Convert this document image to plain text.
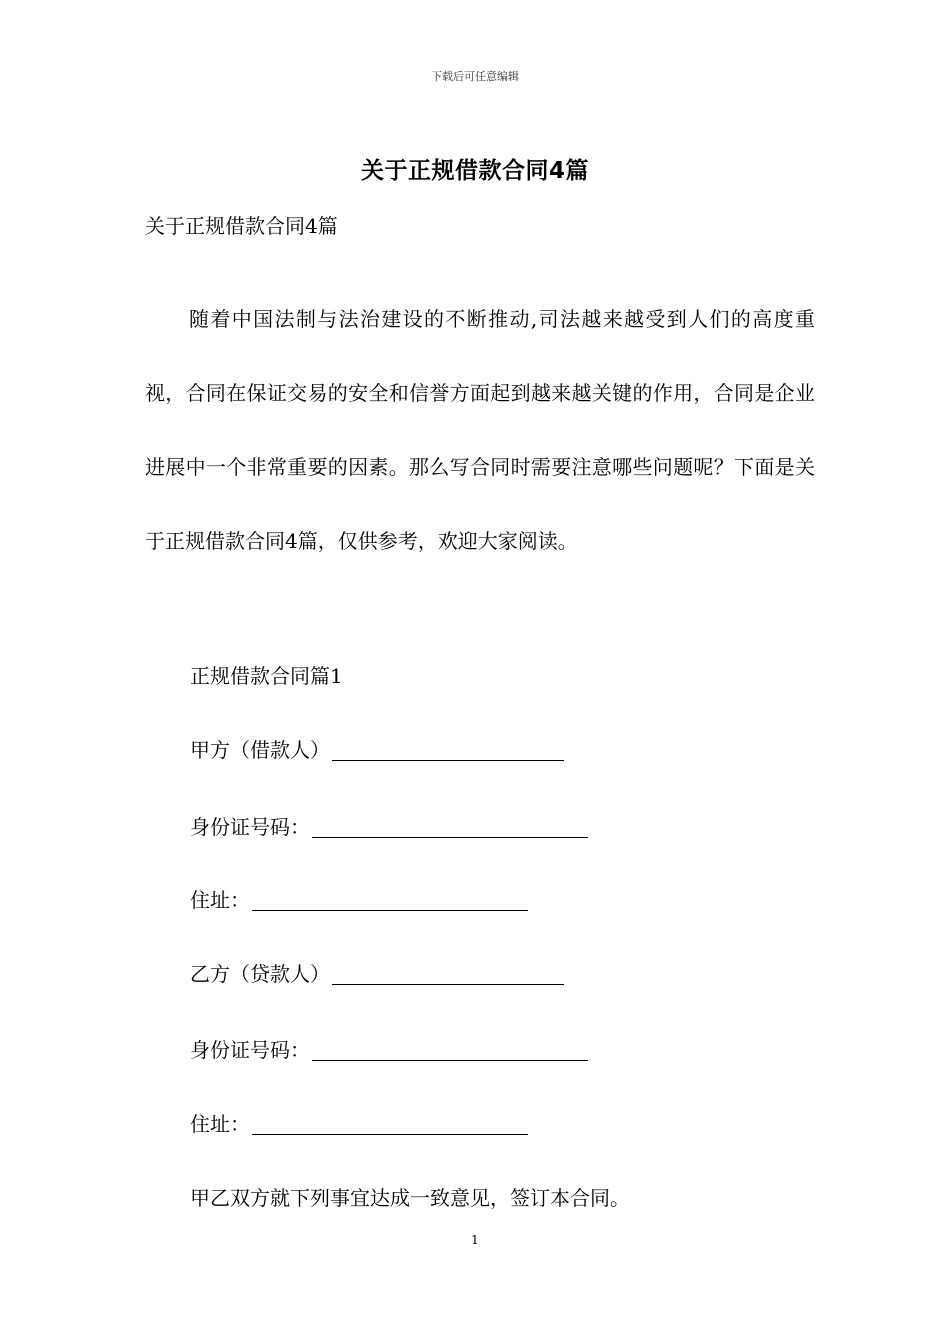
下载后可任意编辑
关于正规借款合同4篇
关于正规借款合同4篇

随着中国法制与法治建设的不断推动,司法越来越受到人们的高度重视，合同在保证交易的安全和信誉方面起到越来越关键的作用，合同是企业进展中一个非常重要的因素。那么写合同时需要注意哪些问题呢？下面是关于正规借款合同4篇，仅供参考，欢迎大家阅读。

正规借款合同篇1
甲方（借款人）
身份证号码：
住址：
乙方（贷款人）
身份证号码：
住址：
甲乙双方就下列事宜达成一致意见，签订本合同。
1
